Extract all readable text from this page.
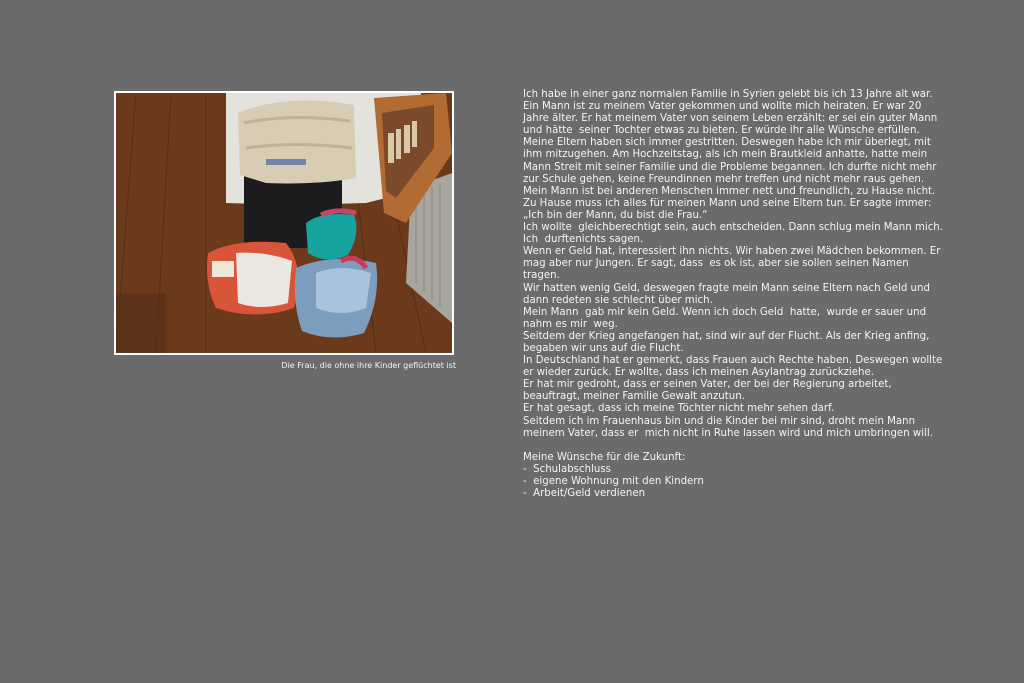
Die Frau, die ohne ihre Kinder geflüchtet ist

Ich habe in einer ganz normalen Familie in Syrien gelebt bis ich 13 Jahre alt war.

Ein Mann ist zu meinem Vater gekommen und wollte mich heiraten. Er war 20 Jahre älter. Er hat meinem Vater von seinem Leben erzählt: er sei ein guter Mann und hätte  seiner Tochter etwas zu bieten. Er würde ihr alle Wünsche erfüllen.

Meine Eltern haben sich immer gestritten. Deswegen habe ich mir überlegt, mit ihm mitzugehen. Am Hochzeitstag, als ich mein Brautkleid anhatte, hatte mein Mann Streit mit seiner Familie und die Probleme begannen. Ich durfte nicht mehr zur Schule gehen, keine Freundinnen mehr treffen und nicht mehr raus gehen.

Mein Mann ist bei anderen Menschen immer nett und freundlich, zu Hause nicht.

Zu Hause muss ich alles für meinen Mann und seine Eltern tun. Er sagte immer: „Ich bin der Mann, du bist die Frau.“

Ich wollte  gleichberechtigt sein, auch entscheiden. Dann schlug mein Mann mich. Ich  durftenichts sagen.

Wenn er Geld hat, interessiert ihn nichts. Wir haben zwei Mädchen bekommen. Er mag aber nur Jungen. Er sagt, dass  es ok ist, aber sie sollen seinen Namen tragen.

Wir hatten wenig Geld, deswegen fragte mein Mann seine Eltern nach Geld und dann redeten sie schlecht über mich.

Mein Mann  gab mir kein Geld. Wenn ich doch Geld  hatte,  wurde er sauer und  nahm es mir  weg.

Seitdem der Krieg angefangen hat, sind wir auf der Flucht. Als der Krieg anfing, begaben wir uns auf die Flucht.

In Deutschland hat er gemerkt, dass Frauen auch Rechte haben. Deswegen wollte er wieder zurück. Er wollte, dass ich meinen Asylantrag zurückziehe.

Er hat mir gedroht, dass er seinen Vater, der bei der Regierung arbeitet, beauftragt, meiner Familie Gewalt anzutun.

Er hat gesagt, dass ich meine Töchter nicht mehr sehen darf.

Seitdem ich im Frauenhaus bin und die Kinder bei mir sind, droht mein Mann meinem Vater, dass er  mich nicht in Ruhe lassen wird und mich umbringen will.

Meine Wünsche für die Zukunft:

-  Schulabschluss
-  eigene Wohnung mit den Kindern
-  Arbeit/Geld verdienen
